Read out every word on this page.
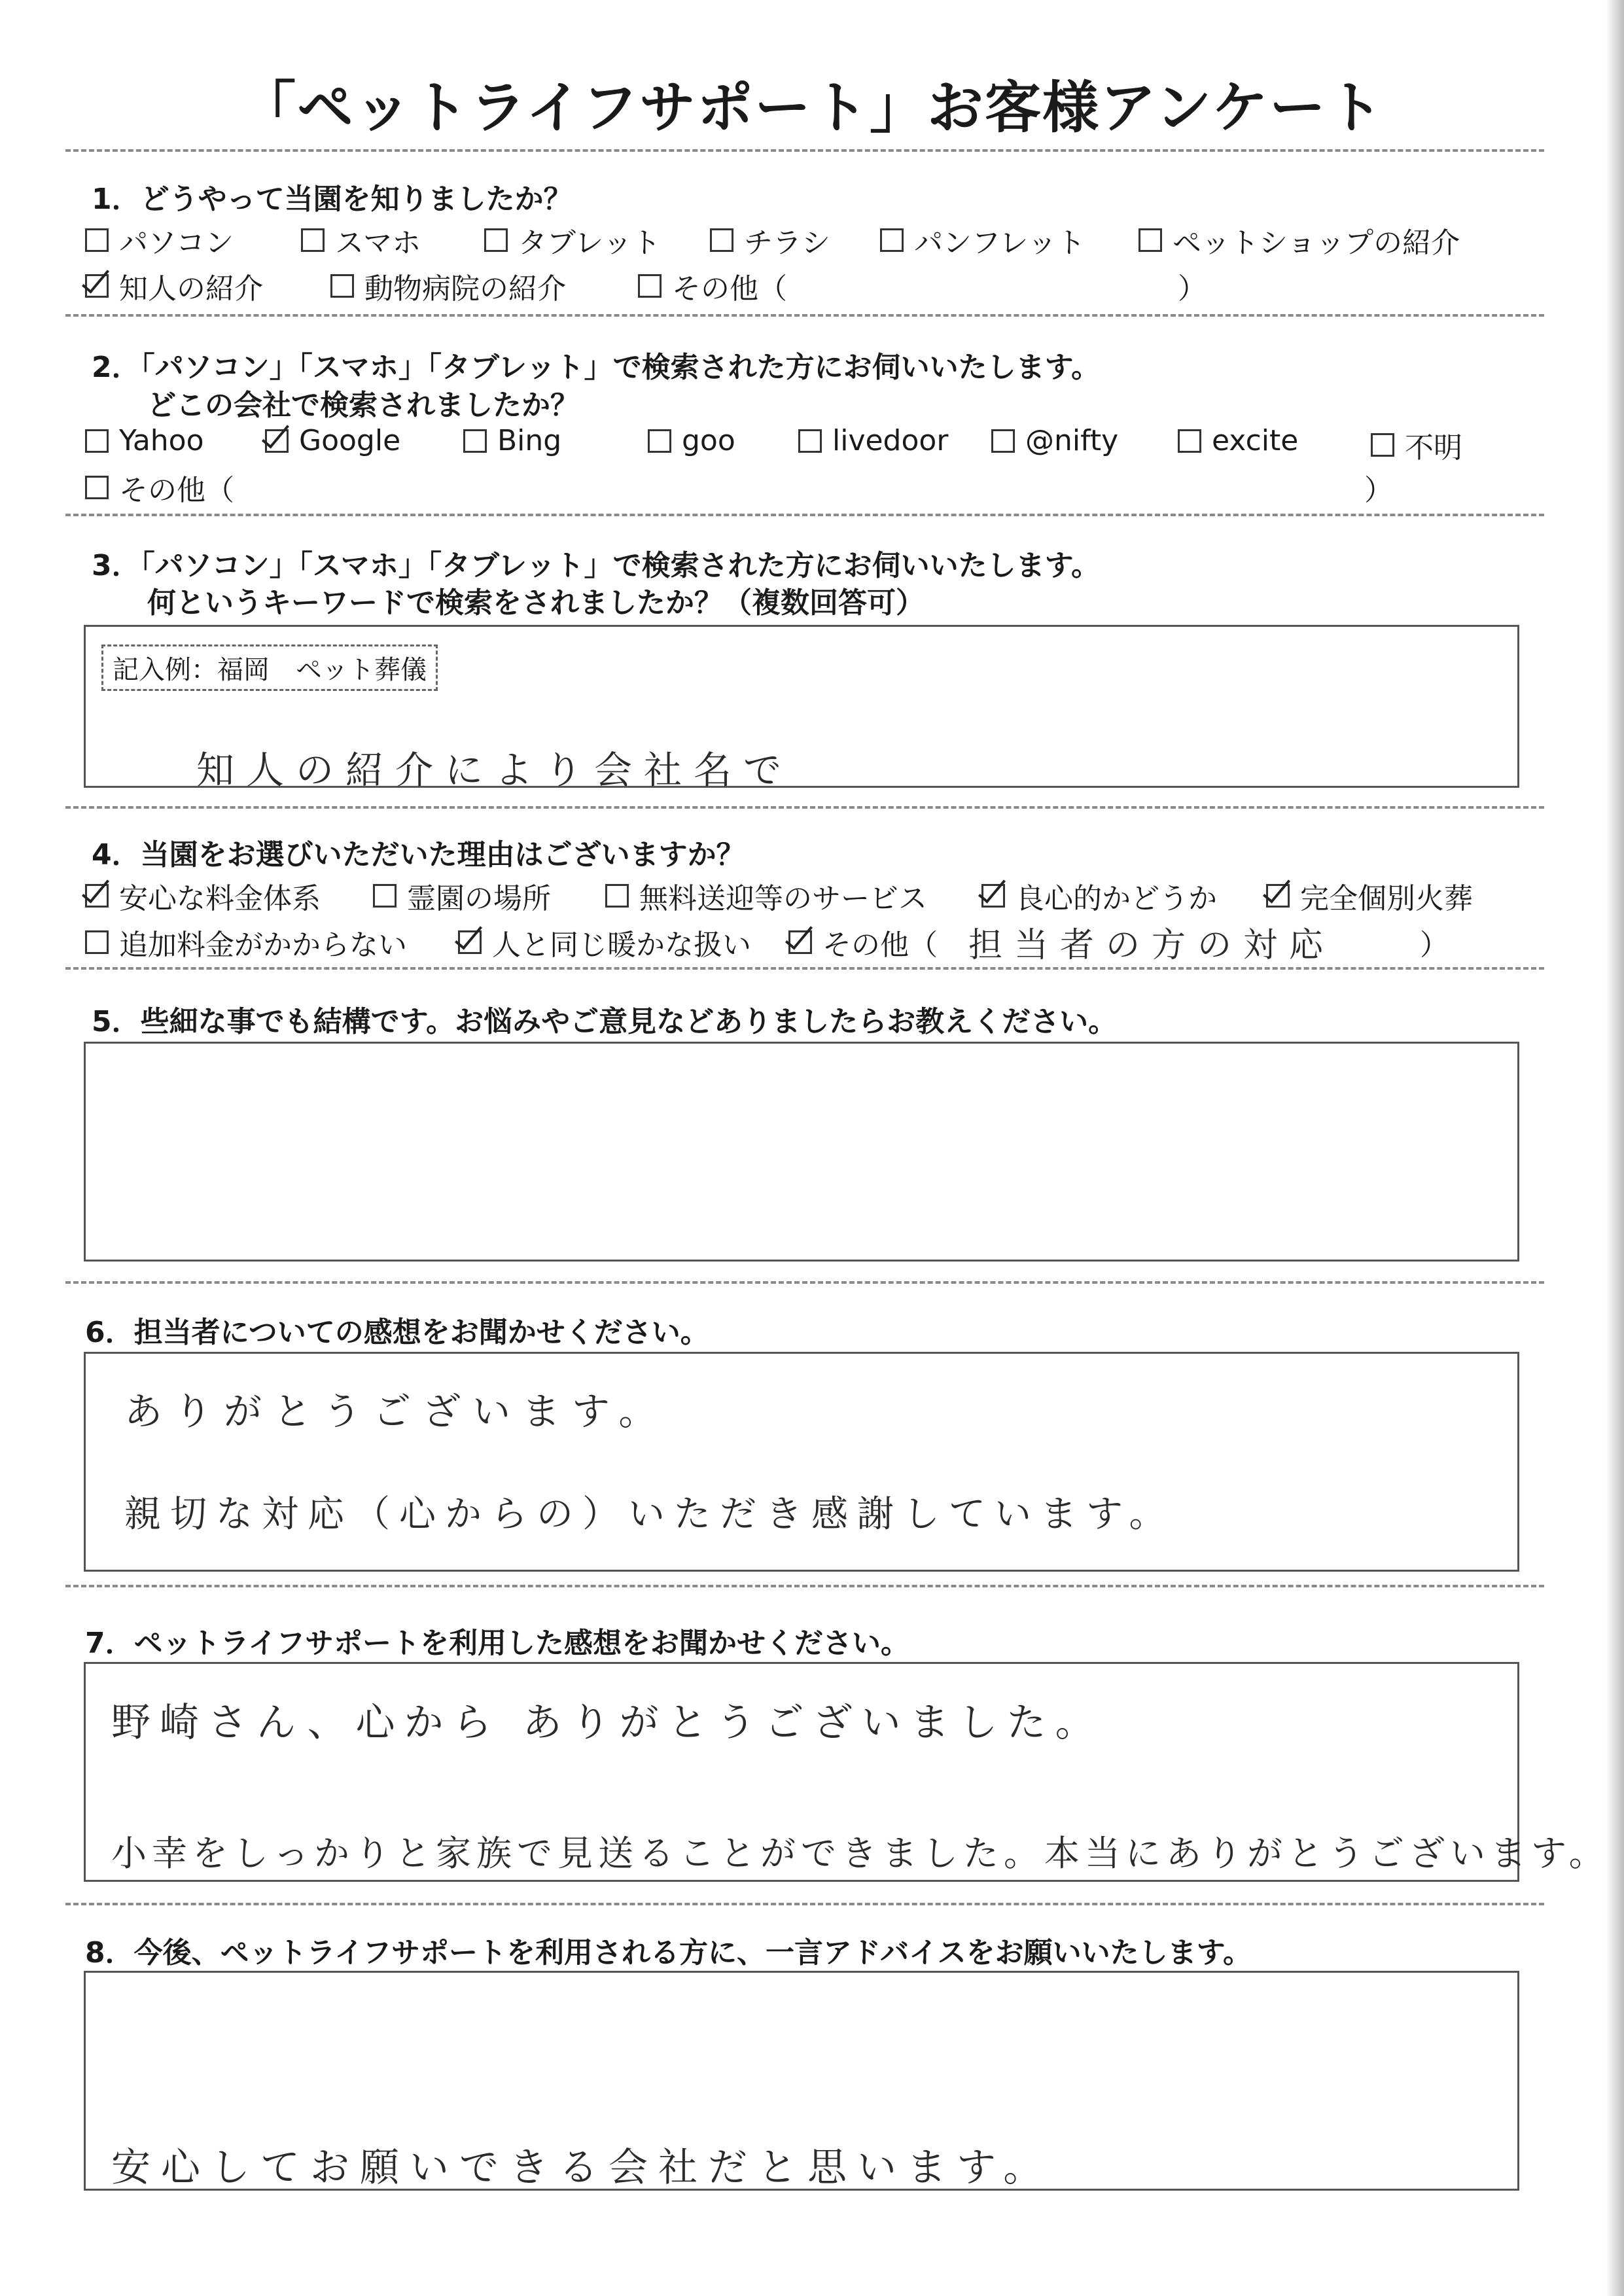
「ペットライフサポート」お客様アンケート
1．どうやって当園を知りましたか？
パソコン	スマホ	タブレット	チラシ	パンフレット	ペットショップの紹介
知人の紹介	動物病院の紹介	その他（	）
2．「パソコン」「スマホ」「タブレット」で検索された方にお伺いいたします。
どこの会社で検索されましたか？
Yahoo	Google	Bing	goo	livedoor	@nifty	excite	不明
その他（	）
3．「パソコン」「スマホ」「タブレット」で検索された方にお伺いいたします。
何というキーワードで検索をされましたか？（複数回答可）
記入例：福岡　ペット葬儀
知人の紹介により会社名で
4．当園をお選びいただいた理由はございますか？
安心な料金体系	霊園の場所	無料送迎等のサービス	良心的かどうか	完全個別火葬
追加料金がかからない	人と同じ暖かな扱い その他（ 担当者の方の対応	）
5．些細な事でも結構です。お悩みやご意見などありましたらお教えください。
6．担当者についての感想をお聞かせください。
ありがとうございます。
親切な対応（心からの）いただき感謝しています。
7．ペットライフサポートを利用した感想をお聞かせください。
野崎さん、心から ありがとうございました。
小幸をしっかりと家族で見送ることができました。本当にありがとうございます。
8．今後、ペットライフサポートを利用される方に、一言アドバイスをお願いいたします。
安心してお願いできる会社だと思います。
